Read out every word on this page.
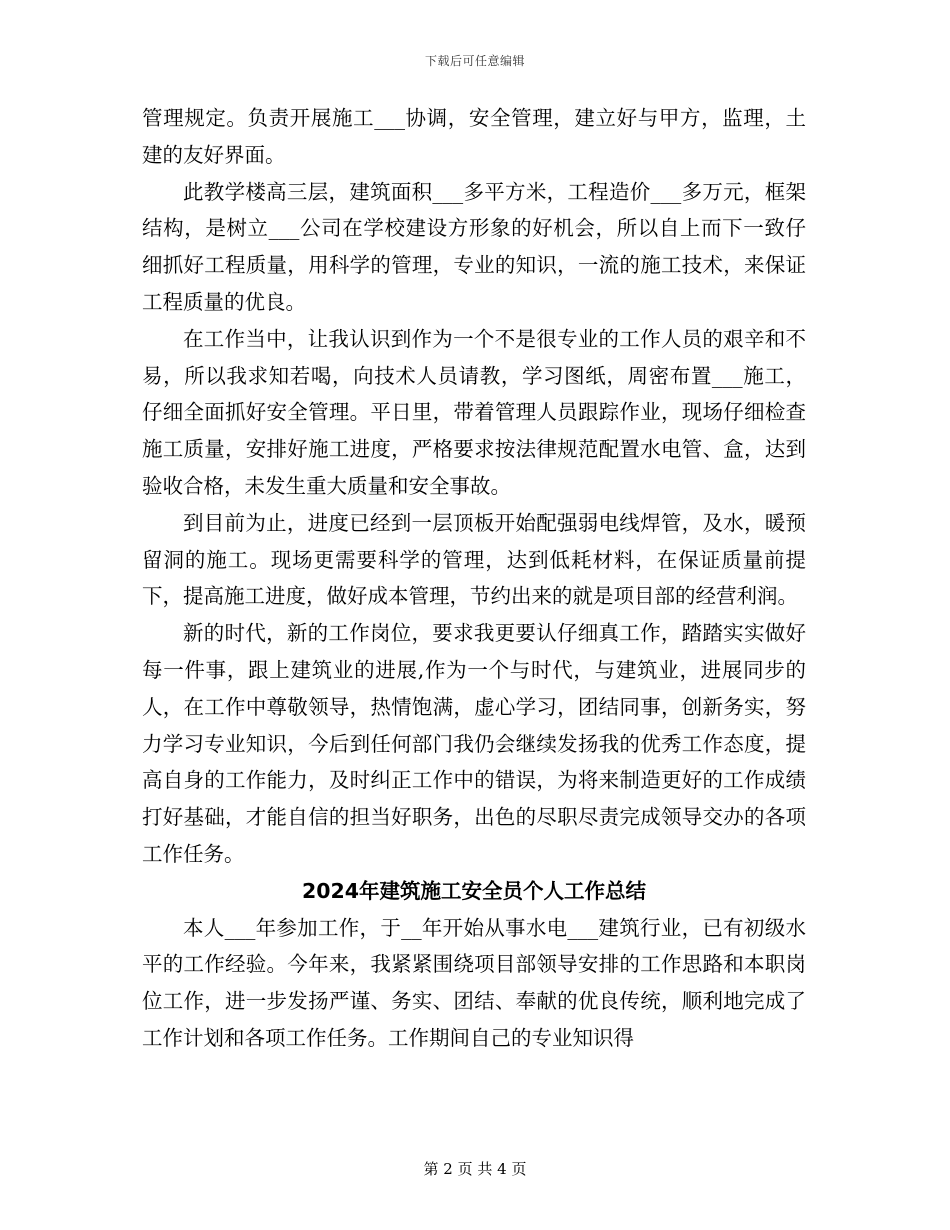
下载后可任意编辑

管理规定。负责开展施工___协调，安全管理，建立好与甲方，监理，土建的友好界面。

此教学楼高三层，建筑面积___多平方米，工程造价___多万元，框架结构，是树立___公司在学校建设方形象的好机会，所以自上而下一致仔细抓好工程质量，用科学的管理，专业的知识，一流的施工技术，来保证工程质量的优良。

在工作当中，让我认识到作为一个不是很专业的工作人员的艰辛和不易，所以我求知若喝，向技术人员请教，学习图纸，周密布置___施工，仔细全面抓好安全管理。平日里，带着管理人员跟踪作业，现场仔细检查施工质量，安排好施工进度，严格要求按法律规范配置水电管、盒，达到验收合格，未发生重大质量和安全事故。

到目前为止，进度已经到一层顶板开始配强弱电线焊管，及水，暖预留洞的施工。现场更需要科学的管理，达到低耗材料，在保证质量前提下，提高施工进度，做好成本管理，节约出来的就是项目部的经营利润。

新的时代，新的工作岗位，要求我更要认仔细真工作，踏踏实实做好每一件事，跟上建筑业的进展,作为一个与时代，与建筑业，进展同步的人，在工作中尊敬领导，热情饱满，虚心学习，团结同事，创新务实，努力学习专业知识，今后到任何部门我仍会继续发扬我的优秀工作态度，提高自身的工作能力，及时纠正工作中的错误，为将来制造更好的工作成绩打好基础，才能自信的担当好职务，出色的尽职尽责完成领导交办的各项工作任务。

2024年建筑施工安全员个人工作总结

本人___年参加工作，于__年开始从事水电___建筑行业，已有初级水平的工作经验。今年来，我紧紧围绕项目部领导安排的工作思路和本职岗位工作，进一步发扬严谨、务实、团结、奉献的优良传统，顺利地完成了工作计划和各项工作任务。工作期间自己的专业知识得

第 2 页 共 4 页
